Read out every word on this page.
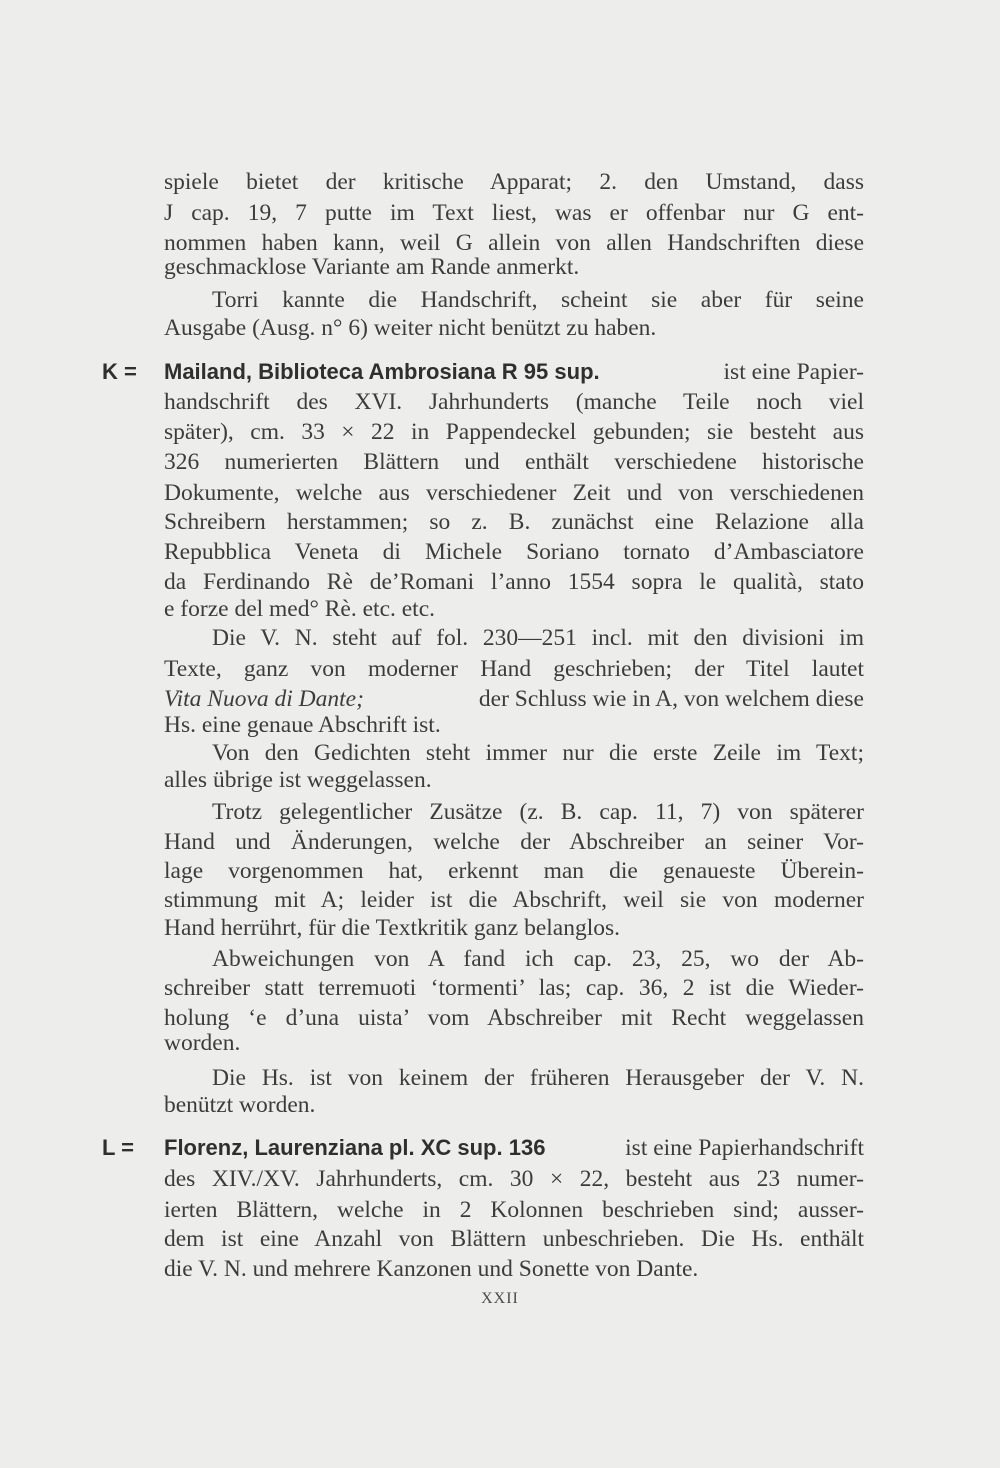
spiele bietet der kritische Apparat; 2. den Umstand, dass
J cap. 19, 7 putte im Text liest, was er offenbar nur G ent-
nommen haben kann, weil G allein von allen Handschriften diese
geschmacklose Variante am Rande anmerkt.
Torri kannte die Handschrift, scheint sie aber für seine
Ausgabe (Ausg. n° 6) weiter nicht benützt zu haben.
K = Mailand, Biblioteca Ambrosiana R 95 sup.	ist eine Papier-
handschrift des XVI. Jahrhunderts (manche Teile noch viel
später), cm. 33 × 22 in Pappendeckel gebunden; sie besteht aus
326 numerierten Blättern und enthält verschiedene historische
Dokumente, welche aus verschiedener Zeit und von verschiedenen
Schreibern herstammen; so z. B. zunächst eine Relazione alla
Repubblica Veneta di Michele Soriano tornato d’Ambasciatore
da Ferdinando Rè de’Romani l’anno 1554 sopra le qualità, stato
e forze del med° Rè. etc. etc.
Die V. N. steht auf fol. 230—251 incl. mit den divisioni im
Texte, ganz von moderner Hand geschrieben; der Titel lautet
Vita Nuova di Dante;	der Schluss wie in A, von welchem diese
Hs. eine genaue Abschrift ist.
Von den Gedichten steht immer nur die erste Zeile im Text;
alles übrige ist weggelassen.
Trotz gelegentlicher Zusätze (z. B. cap. 11, 7) von späterer
Hand und Änderungen, welche der Abschreiber an seiner Vor-
lage vorgenommen hat, erkennt man die genaueste Überein-
stimmung mit A; leider ist die Abschrift, weil sie von moderner
Hand herrührt, für die Textkritik ganz belanglos.
Abweichungen von A fand ich cap. 23, 25, wo der Ab-
schreiber statt terremuoti ‘tormenti’ las; cap. 36, 2 ist die Wieder-
holung ‘e d’una uista’ vom Abschreiber mit Recht weggelassen
worden.
Die Hs. ist von keinem der früheren Herausgeber der V. N.
benützt worden.
L = Florenz, Laurenziana pl. XC sup. 136	ist eine Papierhandschrift
des XIV./XV. Jahrhunderts, cm. 30 × 22, besteht aus 23 numer-
ierten Blättern, welche in 2 Kolonnen beschrieben sind; ausser-
dem ist eine Anzahl von Blättern unbeschrieben. Die Hs. enthält
die V. N. und mehrere Kanzonen und Sonette von Dante.
XXII
